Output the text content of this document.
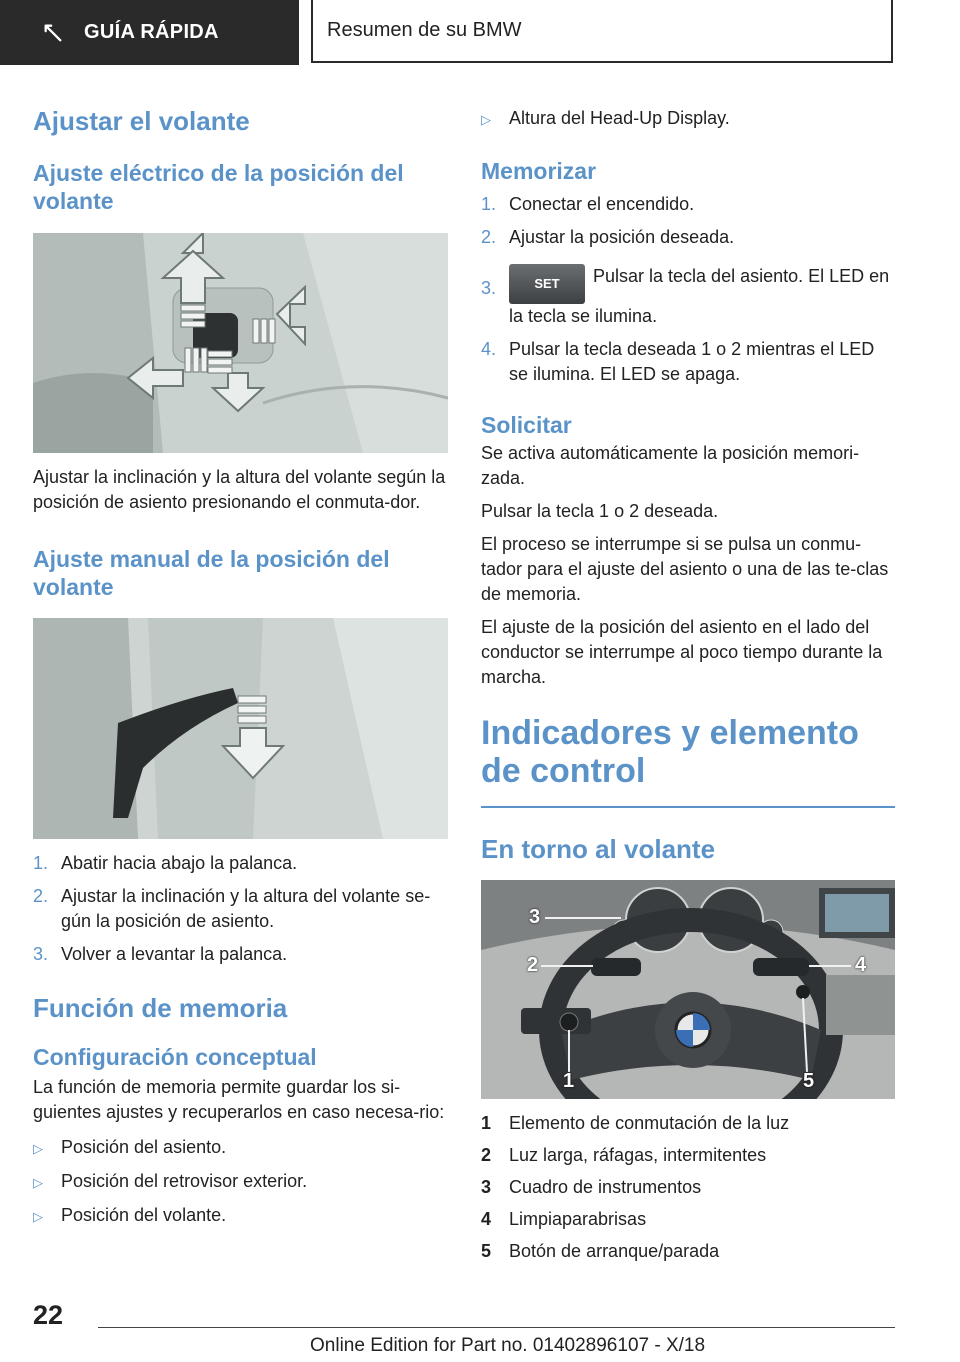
GUÍA RÁPIDA	Resumen de su BMW
Ajustar el volante
Ajuste eléctrico de la posición del volante

Ajustar la inclinación y la altura del volante según la posición de asiento presionando el conmuta-dor.

Ajuste manual de la posición del volante
1. Abatir hacia abajo la palanca.
2. Ajustar la inclinación y la altura del volante se-gún la posición de asiento.
3. Volver a levantar la palanca.
Función de memoria
Configuración conceptual

La función de memoria permite guardar los si-guientes ajustes y recuperarlos en caso necesa-rio:

▷	Posición del asiento.
▷	Posición del retrovisor exterior.
▷	Posición del volante.
▷	Altura del Head-Up Display.
Memorizar
1. Conectar el encendido.
2. Ajustar la posición deseada.
3.	SET Pulsar la tecla del asiento. El LED en la tecla se ilumina.
4. Pulsar la tecla deseada 1 o 2 mientras el LED se ilumina. El LED se apaga.
Solicitar

Se activa automáticamente la posición memori-zada.

Pulsar la tecla 1 o 2 deseada.

El proceso se interrumpe si se pulsa un conmu-tador para el ajuste del asiento o una de las te-clas de memoria.

El ajuste de la posición del asiento en el lado del conductor se interrumpe al poco tiempo durante la marcha.

Indicadores y elemento de control
En torno al volante
3
2	4
1	5
1 Elemento de conmutación de la luz
2 Luz larga, ráfagas, intermitentes
3 Cuadro de instrumentos
4 Limpiaparabrisas
5 Botón de arranque/parada
22
Online Edition for Part no. 01402896107 - X/18
